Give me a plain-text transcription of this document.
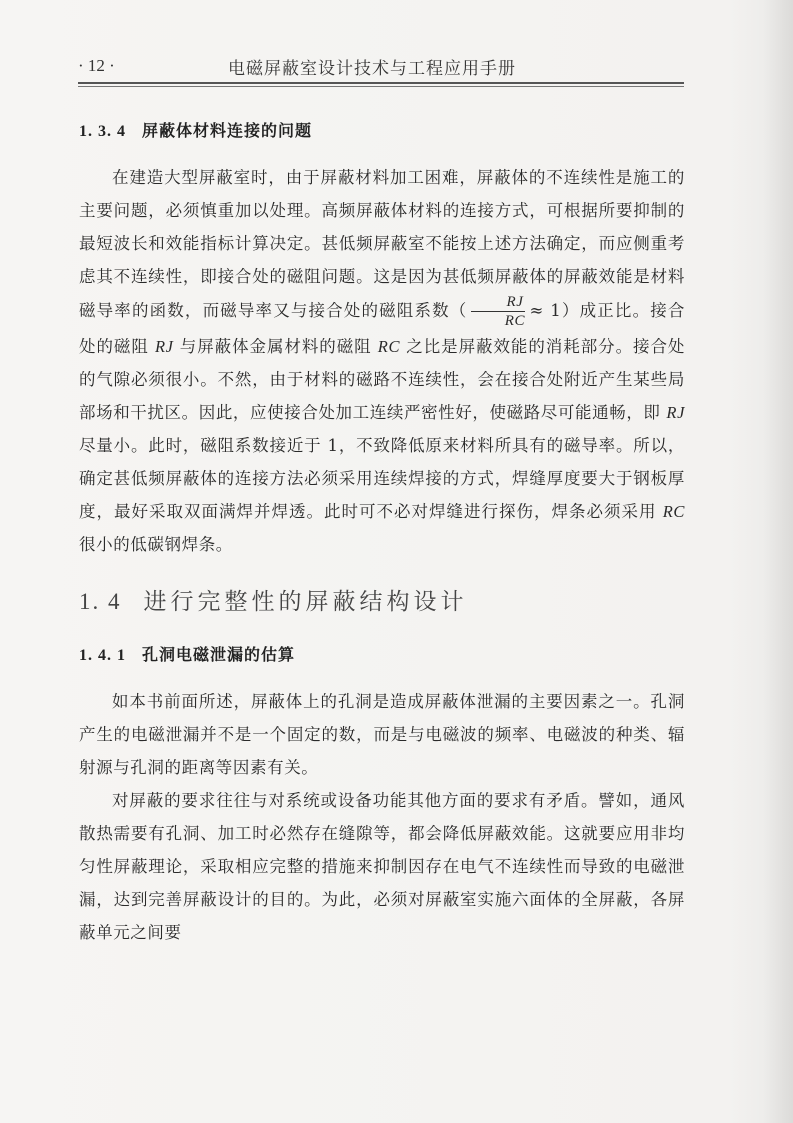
· 12 ·	电磁屏蔽室设计技术与工程应用手册
1. 3. 4 屏蔽体材料连接的问题

在建造大型屏蔽室时，由于屏蔽材料加工困难，屏蔽体的不连续性是施工的主要问题，必须慎重加以处理。高频屏蔽体材料的连接方式，可根据所要抑制的最短波长和效能指标计算决定。甚低频屏蔽室不能按上述方法确定，而应侧重考虑其不连续性，即接合处的磁阻问题。这是因为甚低频屏蔽体的屏蔽效能是材料磁导率的函数，而磁导率又与接合处的磁阻系数（ $\frac{RJ}{RC} \approx 1$）成正比。接合处的磁阻 RJ 与屏蔽体金属材料的磁阻 RC 之比是屏蔽效能的消耗部分。接合处的气隙必须很小。不然，由于材料的磁路不连续性，会在接合处附近产生某些局部场和干扰区。因此，应使接合处加工连续严密性好，使磁路尽可能通畅，即 RJ 尽量小。此时，磁阻系数接近于 1，不致降低原来材料所具有的磁导率。所以，确定甚低频屏蔽体的连接方法必须采用连续焊接的方式，焊缝厚度要大于钢板厚度，最好采取双面满焊并焊透。此时可不必对焊缝进行探伤，焊条必须采用 RC 很小的低碳钢焊条。

1. 4 进行完整性的屏蔽结构设计
1. 4. 1 孔洞电磁泄漏的估算

如本书前面所述，屏蔽体上的孔洞是造成屏蔽体泄漏的主要因素之一。孔洞产生的电磁泄漏并不是一个固定的数，而是与电磁波的频率、电磁波的种类、辐射源与孔洞的距离等因素有关。

对屏蔽的要求往往与对系统或设备功能其他方面的要求有矛盾。譬如，通风散热需要有孔洞、加工时必然存在缝隙等，都会降低屏蔽效能。这就要应用非均匀性屏蔽理论，采取相应完整的措施来抑制因存在电气不连续性而导致的电磁泄漏，达到完善屏蔽设计的目的。为此，必须对屏蔽室实施六面体的全屏蔽，各屏蔽单元之间要
